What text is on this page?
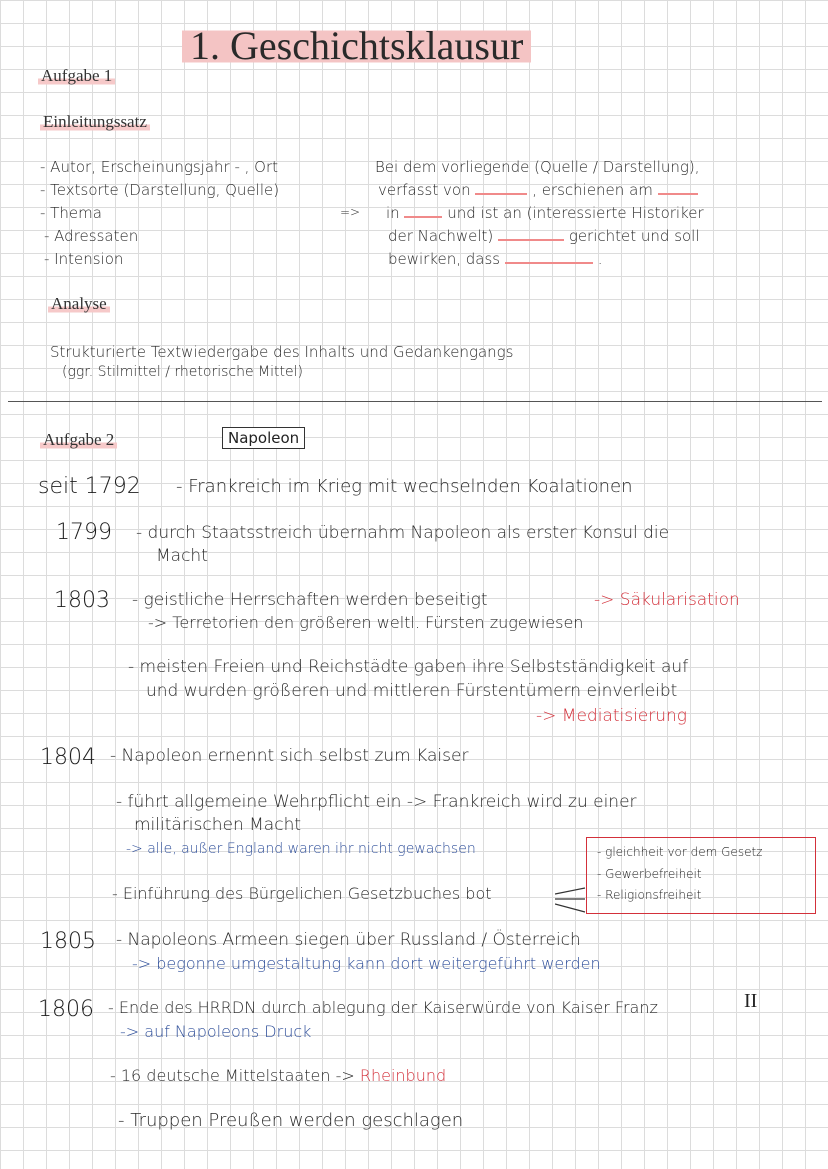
1. Geschichtsklausur
Aufgabe 1
Einleitungssatz
- Autor, Erscheinungsjahr - , Ort
- Textsorte (Darstellung, Quelle)
- Thema
- Adressaten
- Intension
=>
Bei dem vorliegende (Quelle / Darstellung),
verfasst von	, erschienen am
in	und ist an (interessierte Historiker
der Nachwelt)	gerichtet und soll
bewirken, dass	.
Analyse
Strukturierte Textwiedergabe des Inhalts und Gedankengangs
(ggr. Stilmittel / rhetorische Mittel)
Aufgabe 2	Napoleon
seit 1792 - Frankreich im Krieg mit wechselnden Koalationen
1799 - durch Staatsstreich übernahm Napoleon als erster Konsul die
Macht
1803 - geistliche Herrschaften werden beseitigt	-> Säkularisation
-> Terretorien den größeren weltl. Fürsten zugewiesen
- meisten Freien und Reichstädte gaben ihre Selbstständigkeit auf
und wurden größeren und mittleren Fürstentümern einverleibt
-> Mediatisierung
1804 - Napoleon ernennt sich selbst zum Kaiser
- führt allgemeine Wehrpflicht ein -> Frankreich wird zu einer
militärischen Macht
-> alle, außer England waren ihr nicht gewachsen
- Einführung des Bürgelichen Gesetzbuches bot
- gleichheit vor dem Gesetz
- Gewerbefreiheit
- Religionsfreiheit
1805 - Napoleons Armeen siegen über Russland / Österreich
-> begonne umgestaltung kann dort weitergeführt werden
1806 - Ende des HRRDN durch ablegung der Kaiserwürde von Kaiser Franz	II
-> auf Napoleons Druck
- 16 deutsche Mittelstaaten -> Rheinbund
- Truppen Preußen werden geschlagen
